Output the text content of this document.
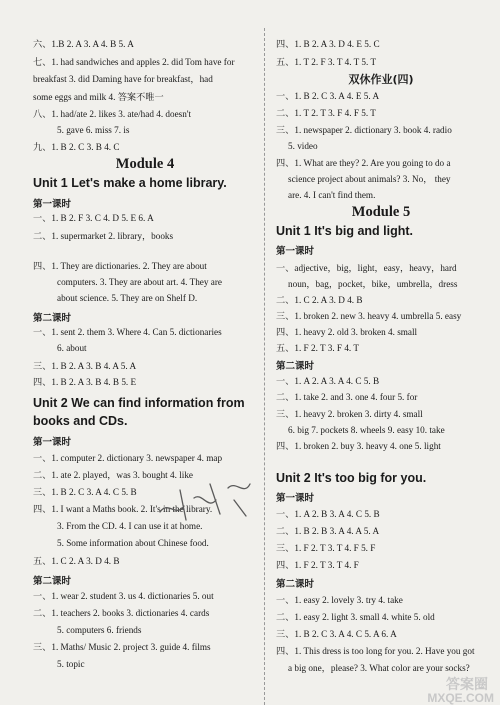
六、1.B 2. A 3. A 4. B 5. A
七、1. had sandwiches and apples 2. did Tom have for
breakfast 3. did Daming have for breakfast，had
some eggs and milk 4. 答案不唯一
八、1. had/ate 2. likes 3. ate/had 4. doesn't
5. gave 6. miss 7. is
九、1. B 2. C 3. B 4. C
Module 4
Unit 1 Let's make a home library.
第一课时
一、1. B 2. F 3. C 4. D 5. E 6. A
二、1. supermarket 2. library，books
四、1. They are dictionaries. 2. They are about
computers. 3. They are about art. 4. They are
about science. 5. They are on Shelf D.
第二课时
一、1. sent 2. them 3. Where 4. Can 5. dictionaries
6. about
三、1. B 2. A 3. B 4. A 5. A
四、1. B 2. A 3. B 4. B 5. E
Unit 2 We can find information from
books and CDs.
第一课时
一、1. computer 2. dictionary 3. newspaper 4. map
二、1. ate 2. played，was 3. bought 4. like
三、1. B 2. C 3. A 4. C 5. B
四、1. I want a Maths book. 2. It's in the library.
3. From the CD. 4. I can use it at home.
5. Some information about Chinese food.
五、1. C 2. A 3. D 4. B
第二课时
一、1. wear 2. student 3. us 4. dictionaries 5. out
二、1. teachers 2. books 3. dictionaries 4. cards
5. computers 6. friends
三、1. Maths/ Music 2. project 3. guide 4. films
5. topic
四、1. B 2. A 3. D 4. E 5. C
五、1. T 2. F 3. T 4. T 5. T
双休作业(四)
一、1. B 2. C 3. A 4. E 5. A
二、1. T 2. T 3. F 4. F 5. T
三、1. newspaper 2. dictionary 3. book 4. radio
5. video
四、1. What are they? 2. Are you going to do a
science project about animals? 3. No， they
are. 4. I can't find them.
Module 5
Unit 1 It's big and light.
第一课时
一、adjective，big，light，easy，heavy，hard
noun，bag，pocket，bike，umbrella，dress
二、1. C 2. A 3. D 4. B
三、1. broken 2. new 3. heavy 4. umbrella 5. easy
四、1. heavy 2. old 3. broken 4. small
五、1. F 2. T 3. F 4. T
第二课时
一、1. A 2. A 3. A 4. C 5. B
二、1. take 2. and 3. one 4. four 5. for
三、1. heavy 2. broken 3. dirty 4. small
6. big 7. pockets 8. wheels 9. easy 10. take
四、1. broken 2. buy 3. heavy 4. one 5. light
Unit 2 It's too big for you.
第一课时
一、1. A 2. B 3. A 4. C 5. B
二、1. B 2. B 3. A 4. A 5. A
三、1. F 2. T 3. T 4. F 5. F
四、1. F 2. T 3. T 4. F
第二课时
一、1. easy 2. lovely 3. try 4. take
二、1. easy 2. light 3. small 4. white 5. old
三、1. B 2. C 3. A 4. C 5. A 6. A
四、1. This dress is too long for you. 2. Have you got
a big one，please? 3. What color are your socks?
答案圈
MXQE.COM
